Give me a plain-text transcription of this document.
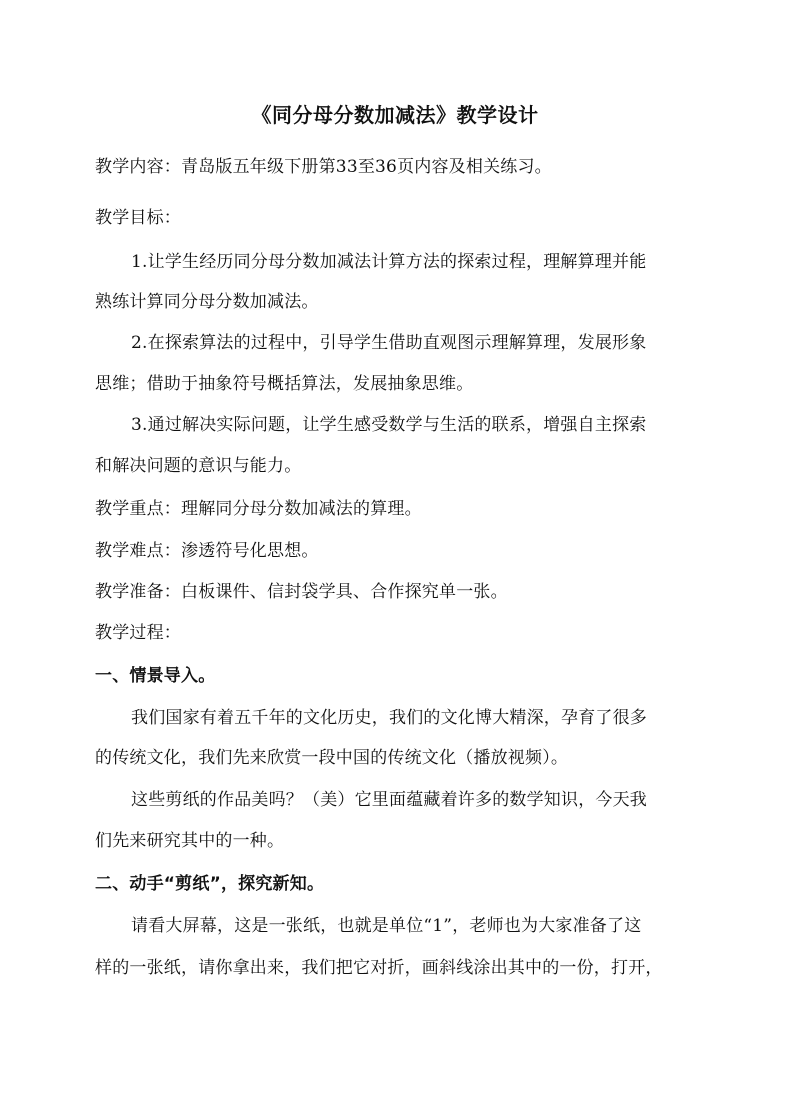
《同分母分数加减法》教学设计
教学内容：青岛版五年级下册第33至36页内容及相关练习。
教学目标：
1.让学生经历同分母分数加减法计算方法的探索过程，理解算理并能
熟练计算同分母分数加减法。
2.在探索算法的过程中，引导学生借助直观图示理解算理，发展形象
思维；借助于抽象符号概括算法，发展抽象思维。
3.通过解决实际问题，让学生感受数学与生活的联系，增强自主探索
和解决问题的意识与能力。
教学重点：理解同分母分数加减法的算理。
教学难点：渗透符号化思想。
教学准备：白板课件、信封袋学具、合作探究单一张。
教学过程：
一、情景导入。
我们国家有着五千年的文化历史，我们的文化博大精深，孕育了很多
的传统文化，我们先来欣赏一段中国的传统文化（播放视频）。
这些剪纸的作品美吗？（美）它里面蕴藏着许多的数学知识，今天我
们先来研究其中的一种。
二、动手“剪纸”，探究新知。
请看大屏幕，这是一张纸，也就是单位“1”，老师也为大家准备了这
样的一张纸，请你拿出来，我们把它对折，画斜线涂出其中的一份，打开，
